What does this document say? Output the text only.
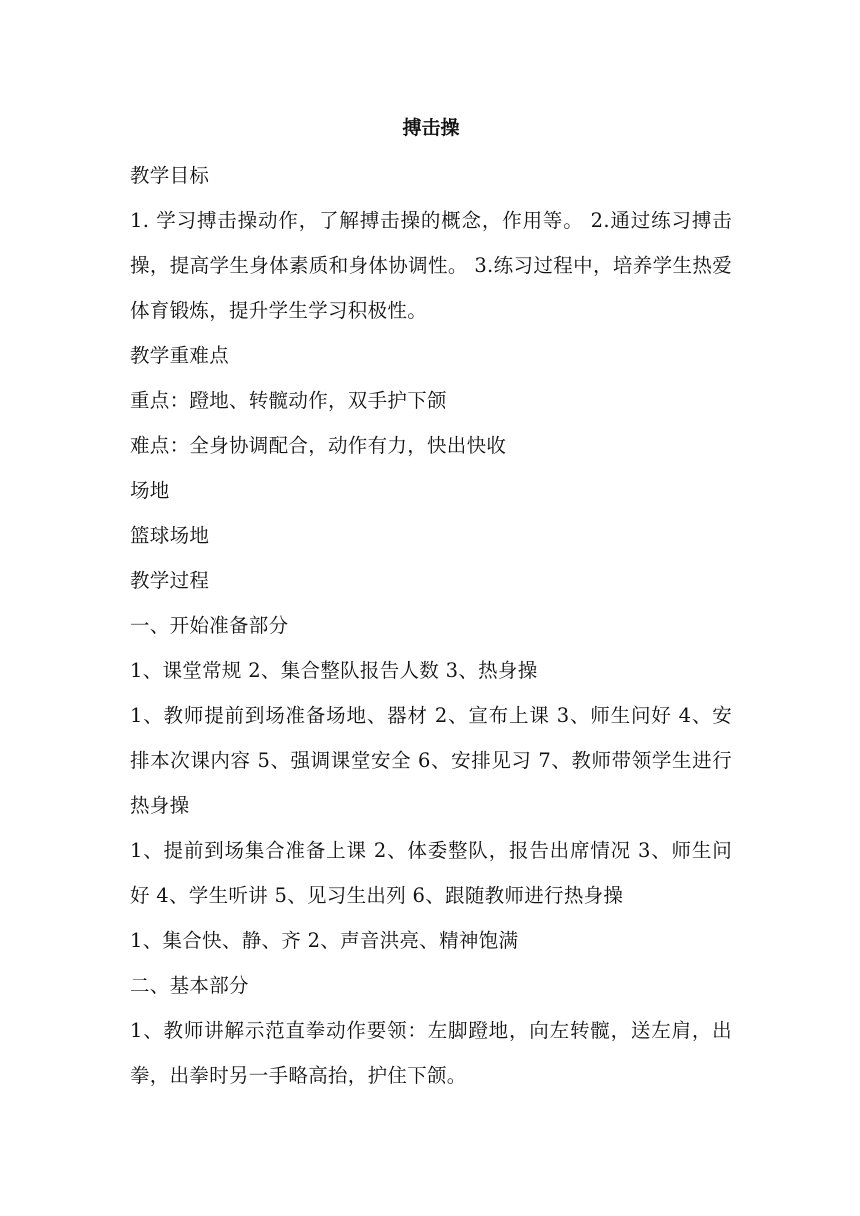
搏击操

教学目标

1. 学习搏击操动作，了解搏击操的概念，作用等。 2.通过练习搏击操，提高学生身体素质和身体协调性。 3.练习过程中，培养学生热爱体育锻炼，提升学生学习积极性。

教学重难点

重点：蹬地、转髋动作，双手护下颌

难点：全身协调配合，动作有力，快出快收

场地

篮球场地

教学过程

一、开始准备部分

1、课堂常规 2、集合整队报告人数 3、热身操

1、教师提前到场准备场地、器材 2、宣布上课 3、师生问好 4、安排本次课内容 5、强调课堂安全 6、安排见习 7、教师带领学生进行热身操

1、提前到场集合准备上课 2、体委整队，报告出席情况 3、师生问好 4、学生听讲 5、见习生出列 6、跟随教师进行热身操

1、集合快、静、齐 2、声音洪亮、精神饱满

二、基本部分

1、教师讲解示范直拳动作要领：左脚蹬地，向左转髋，送左肩，出拳，出拳时另一手略高抬，护住下颌。
